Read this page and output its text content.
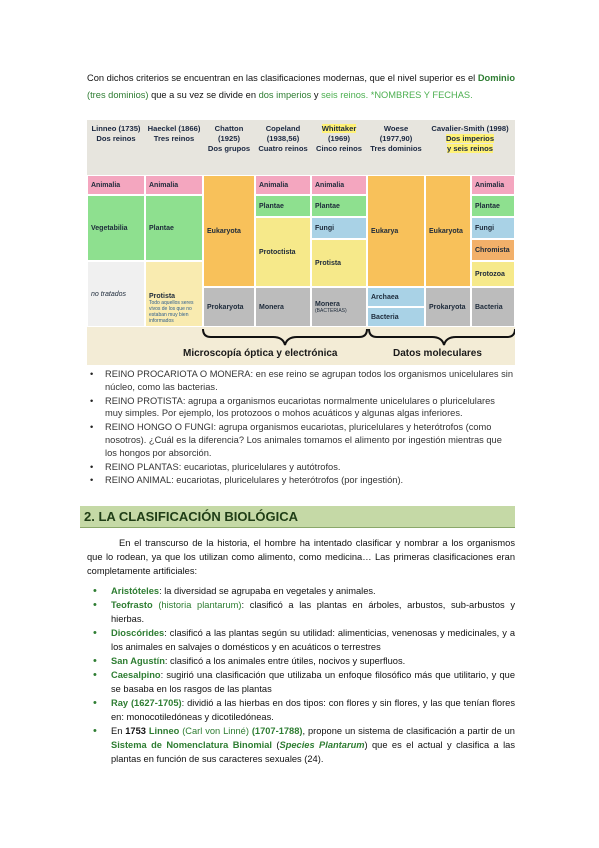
Con dichos criterios se encuentran en las clasificaciones modernas, que el nivel superior es el Dominio (tres dominios) que a su vez se divide en dos imperios y seis reinos. *NOMBRES Y FECHAS.
Linneo (1735)
Dos reinos
Haeckel (1866)
Tres reinos
Chatton
(1925)
Dos grupos
Copeland
(1938,56)
Cuatro reinos
Whittaker
(1969)
Cinco reinos
Woese
(1977,90)
Tres dominios
Cavalier-Smith (1998)
Dos imperios
y seis reinos
Animalia
Vegetabilia
no tratados
Animalia
Plantae
Protista
Todo aquellos seres vivos de los que no estaban muy bien informados
Eukaryota
Prokaryota
Animalia
Plantae
Protoctista
Monera
Animalia
Plantae
Fungi
Protista
Monera
(BACTERIAS)
Eukarya
Archaea
Bacteria
Eukaryota
Prokaryota
Animalia
Plantae
Fungi
Chromista
Protozoa
Bacteria
Microscopía óptica y electrónica	Datos moleculares
• REINO PROCARIOTA O MONERA: en ese reino se agrupan todos los organismos unicelulares sin núcleo, como las bacterias.
• REINO PROTISTA: agrupa a organismos eucariotas normalmente unicelulares o pluricelulares muy simples. Por ejemplo, los protozoos o mohos acuáticos y algunas algas inferiores.
• REINO HONGO O FUNGI: agrupa organismos eucariotas, pluricelulares y heterótrofos (como nosotros). ¿Cuál es la diferencia? Los animales tomamos el alimento por ingestión mientras que los hongos por absorción.
• REINO PLANTAS: eucariotas, pluricelulares y autótrofos.
• REINO ANIMAL: eucariotas, pluricelulares y heterótrofos (por ingestión).
2. LA CLASIFICACIÓN BIOLÓGICA
En el transcurso de la historia, el hombre ha intentado clasificar y nombrar a los organismos que lo rodean, ya que los utilizan como alimento, como medicina… Las primeras clasificaciones eran completamente artificiales:
• Aristóteles: la diversidad se agrupaba en vegetales y animales.
• Teofrasto (historia plantarum): clasificó a las plantas en árboles, arbustos, sub-arbustos y hierbas.
• Dioscórides: clasificó a las plantas según su utilidad: alimenticias, venenosas y medicinales, y a los animales en salvajes o domésticos y en acuáticos o terrestres
• San Agustín: clasificó a los animales entre útiles, nocivos y superfluos.
• Caesalpino: sugirió una clasificación que utilizaba un enfoque filosófico más que utilitario, y que se basaba en los rasgos de las plantas
• Ray (1627-1705): dividió a las hierbas en dos tipos: con flores y sin flores, y las que tenían flores en: monocotiledóneas y dicotiledóneas.
• En 1753 Linneo (Carl von Linné) (1707-1788), propone un sistema de clasificación a partir de un Sistema de Nomenclatura Binomial (Species Plantarum) que es el actual y clasifica a las plantas en función de sus caracteres sexuales (24).
